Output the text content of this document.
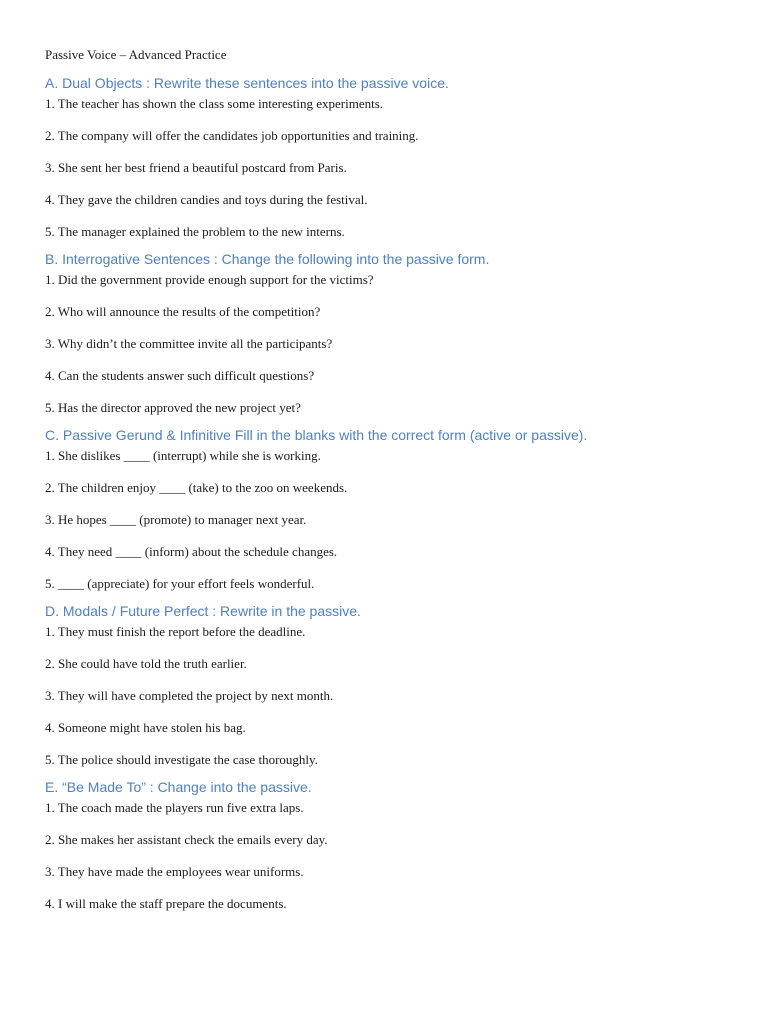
Passive Voice – Advanced Practice
A. Dual Objects : Rewrite these sentences into the passive voice.
1. The teacher has shown the class some interesting experiments.
2. The company will offer the candidates job opportunities and training.
3. She sent her best friend a beautiful postcard from Paris.
4. They gave the children candies and toys during the festival.
5. The manager explained the problem to the new interns.
B. Interrogative Sentences : Change the following into the passive form.
1. Did the government provide enough support for the victims?
2. Who will announce the results of the competition?
3. Why didn’t the committee invite all the participants?
4. Can the students answer such difficult questions?
5. Has the director approved the new project yet?
C. Passive Gerund & Infinitive Fill in the blanks with the correct form (active or passive).
1. She dislikes ____ (interrupt) while she is working.
2. The children enjoy ____ (take) to the zoo on weekends.
3. He hopes ____ (promote) to manager next year.
4. They need ____ (inform) about the schedule changes.
5. ____ (appreciate) for your effort feels wonderful.
D. Modals / Future Perfect : Rewrite in the passive.
1. They must finish the report before the deadline.
2. She could have told the truth earlier.
3. They will have completed the project by next month.
4. Someone might have stolen his bag.
5. The police should investigate the case thoroughly.
E. “Be Made To” : Change into the passive.
1. The coach made the players run five extra laps.
2. She makes her assistant check the emails every day.
3. They have made the employees wear uniforms.
4. I will make the staff prepare the documents.
